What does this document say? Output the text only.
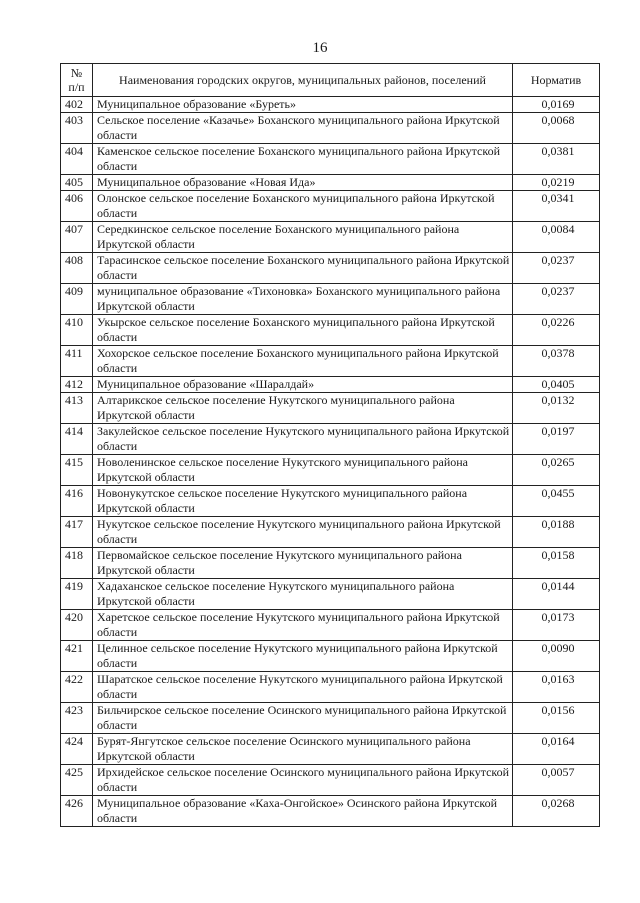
16
№
п/п	Наименования городских округов, муниципальных районов, поселений	Норматив
402	Муниципальное образование «Буреть»	0,0169
403	Сельское поселение «Казачье» Боханского муниципального района Иркутской области	0,0068
404	Каменское сельское поселение Боханского муниципального района Иркутской области	0,0381
405	Муниципальное образование «Новая Ида»	0,0219
406	Олонское сельское поселение Боханского муниципального района Иркутской области	0,0341
407	Середкинское сельское поселение Боханского муниципального района Иркутской области	0,0084
408	Тарасинское сельское поселение Боханского муниципального района Иркутской области	0,0237
409	муниципальное образование «Тихоновка» Боханского муниципального района Иркутской области	0,0237
410	Укырское сельское поселение Боханского муниципального района Иркутской области	0,0226
411	Хохорское сельское поселение Боханского муниципального района Иркутской области	0,0378
412	Муниципальное образование «Шаралдай»	0,0405
413	Алтарикское сельское поселение Нукутского муниципального района Иркутской области	0,0132
414	Закулейское сельское поселение Нукутского муниципального района Иркутской области	0,0197
415	Новоленинское сельское поселение Нукутского муниципального района Иркутской области	0,0265
416	Новонукутское сельское поселение Нукутского муниципального района Иркутской области	0,0455
417	Нукутское сельское поселение Нукутского муниципального района Иркутской области	0,0188
418	Первомайское сельское поселение Нукутского муниципального района Иркутской области	0,0158
419	Хадаханское сельское поселение Нукутского муниципального района Иркутской области	0,0144
420	Харетское сельское поселение Нукутского муниципального района Иркутской области	0,0173
421	Целинное сельское поселение Нукутского муниципального района Иркутской области	0,0090
422	Шаратское сельское поселение Нукутского муниципального района Иркутской области	0,0163
423	Бильчирское сельское поселение Осинского муниципального района Иркутской области	0,0156
424	Бурят-Янгутское сельское поселение Осинского муниципального района Иркутской области	0,0164
425	Ирхидейское сельское поселение Осинского муниципального района Иркутской области	0,0057
426	Муниципальное образование «Каха-Онгойское» Осинского района Иркутской области	0,0268
